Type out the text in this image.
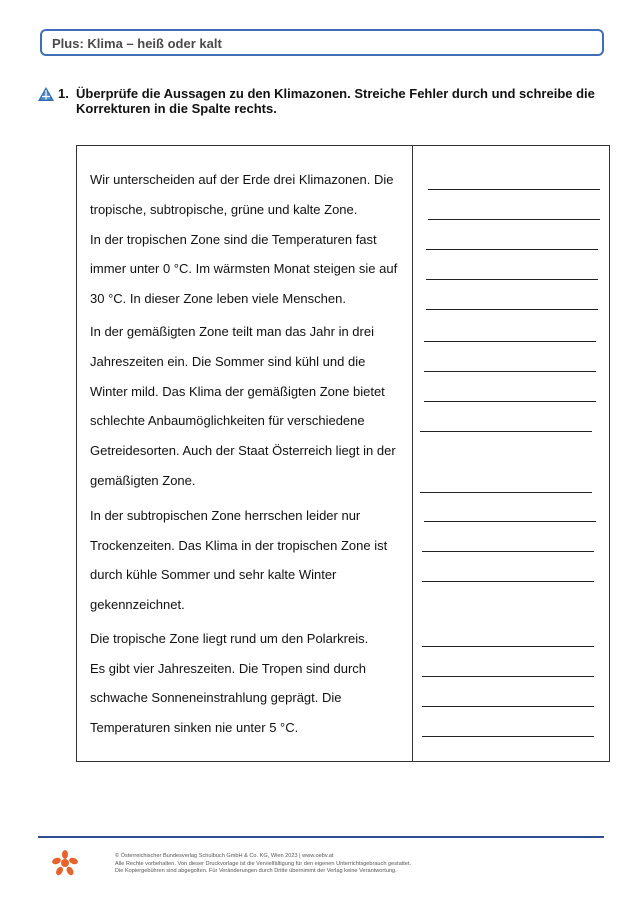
Plus: Klima – heiß oder kalt
1. Überprüfe die Aussagen zu den Klimazonen. Streiche Fehler durch und schreibe die Korrekturen in die Spalte rechts.
Wir unterscheiden auf der Erde drei Klimazonen. Die
tropische, subtropische, grüne und kalte Zone.
In der tropischen Zone sind die Temperaturen fast
immer unter 0 °C. Im wärmsten Monat steigen sie auf
30 °C. In dieser Zone leben viele Menschen.
In der gemäßigten Zone teilt man das Jahr in drei
Jahreszeiten ein. Die Sommer sind kühl und die
Winter mild. Das Klima der gemäßigten Zone bietet
schlechte Anbaumöglichkeiten für verschiedene
Getreidesorten. Auch der Staat Österreich liegt in der
gemäßigten Zone.
In der subtropischen Zone herrschen leider nur
Trockenzeiten. Das Klima in der tropischen Zone ist
durch kühle Sommer und sehr kalte Winter
gekennzeichnet.
Die tropische Zone liegt rund um den Polarkreis.
Es gibt vier Jahreszeiten. Die Tropen sind durch
schwache Sonneneinstrahlung geprägt. Die
Temperaturen sinken nie unter 5 °C.
© Österreichischer Bundesverlag Schulbuch GmbH & Co. KG, Wien 2023 | www.oebv.at
Alle Rechte vorbehalten. Von dieser Druckvorlage ist die Vervielfältigung für den eigenen Unterrichtsgebrauch gestattet.
Die Kopiergebühren sind abgegolten. Für Veränderungen durch Dritte übernimmt der Verlag keine Verantwortung.
